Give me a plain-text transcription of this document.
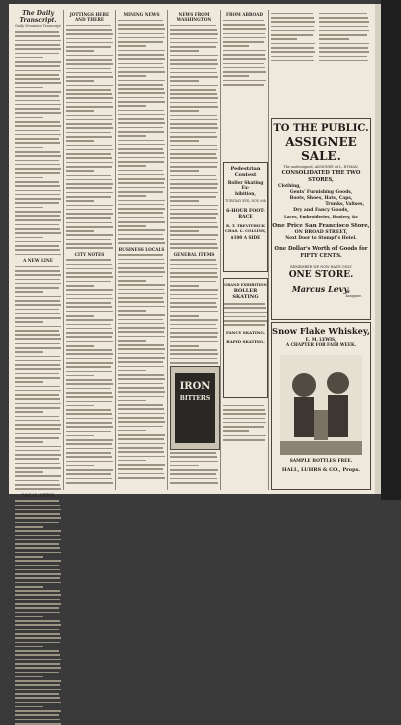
The Daily Transcript.
Daily Mountain Transcript
A NEW LINE
LOCAL NEWS
JOTTINGS HERE AND THERE
CITY NOTES
MINING NEWS
BUSINESS LOCALS
NEWS FROM WASHINGTON
GENERAL ITEMS
FROM ABROAD
Pedestrian Contest
Roller Skating Ex-
hibition,
TUESDAY EVE, NOV. 6th
6-HOUR FOOT-RACE
R. T. TREVITHICK
CHAS. L. COLLINS,
$100 A SIDE
IRON
BITTERS
GRAND EXHIBITION
ROLLER SKATING
FANCY SKATING.
RAPID SKATING.
TO THE PUBLIC.
ASSIGNEE SALE.
The undersigned, ASSIGNEE of L. HYMAN,
CONSOLIDATED THE TWO STORES,
Clothing,
Gents' Furnishing Goods,
Boots, Shoes, Hats, Caps,
Trunks, Valises,
Dry and Fancy Goods,
Laces, Embroideries, Hosiery, &c
One Price San Francisco Store,
ON BROAD STREET,
Next Door to Stumpf's Hotel.
One Dollar's Worth of Goods for
FIFTY CENTS.
REMEMBER WE NOW HAVE ONLY
ONE STORE.
Marcus Levy,
Assignee.
Snow Flake Whiskey,
E. M. LEWIS,
A CHAPTER FOR FAIR WEEK.
SAMPLE BOTTLES FREE.
HALL, LUHRS & CO., Props.
